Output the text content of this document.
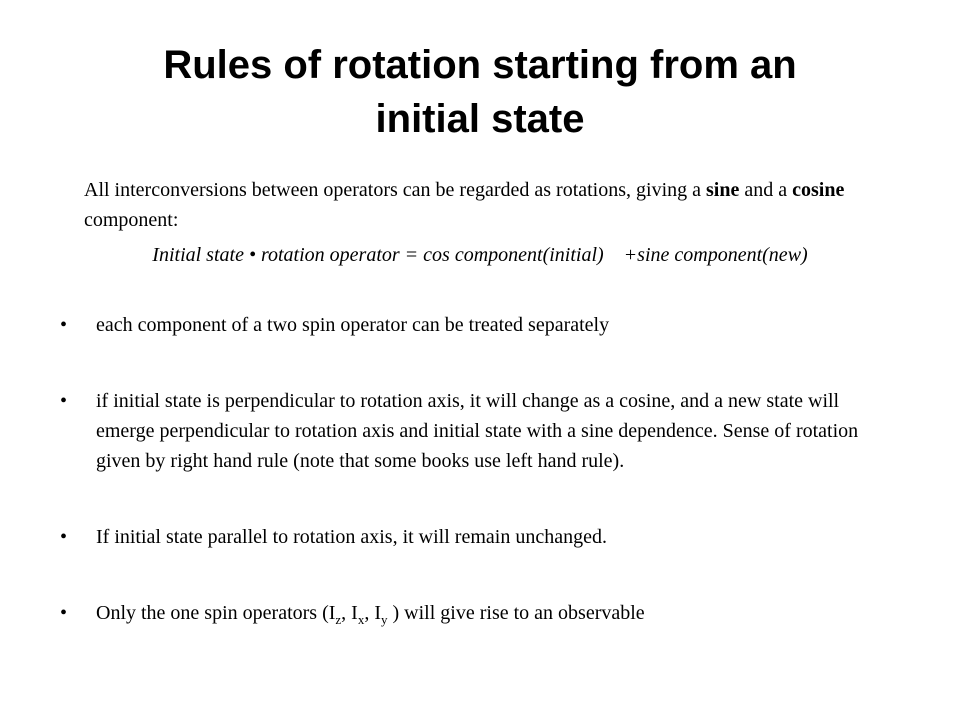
Rules of rotation starting from an
initial state

All interconversions between operators can be regarded as rotations, giving a sine and a cosine component:

Initial state • rotation operator = cos component(initial)    +sine component(new)

• each component of a two spin operator can be treated separately
• if initial state is perpendicular to rotation axis, it will change as a cosine, and a new state will emerge perpendicular to rotation axis and initial state with a sine dependence. Sense of rotation given by right hand rule (note that some books use left hand rule).
• If initial state parallel to rotation axis, it will remain unchanged.
• Only the one spin operators ($I_z$, $I_x$, $I_y$ ) will give rise to an observable
